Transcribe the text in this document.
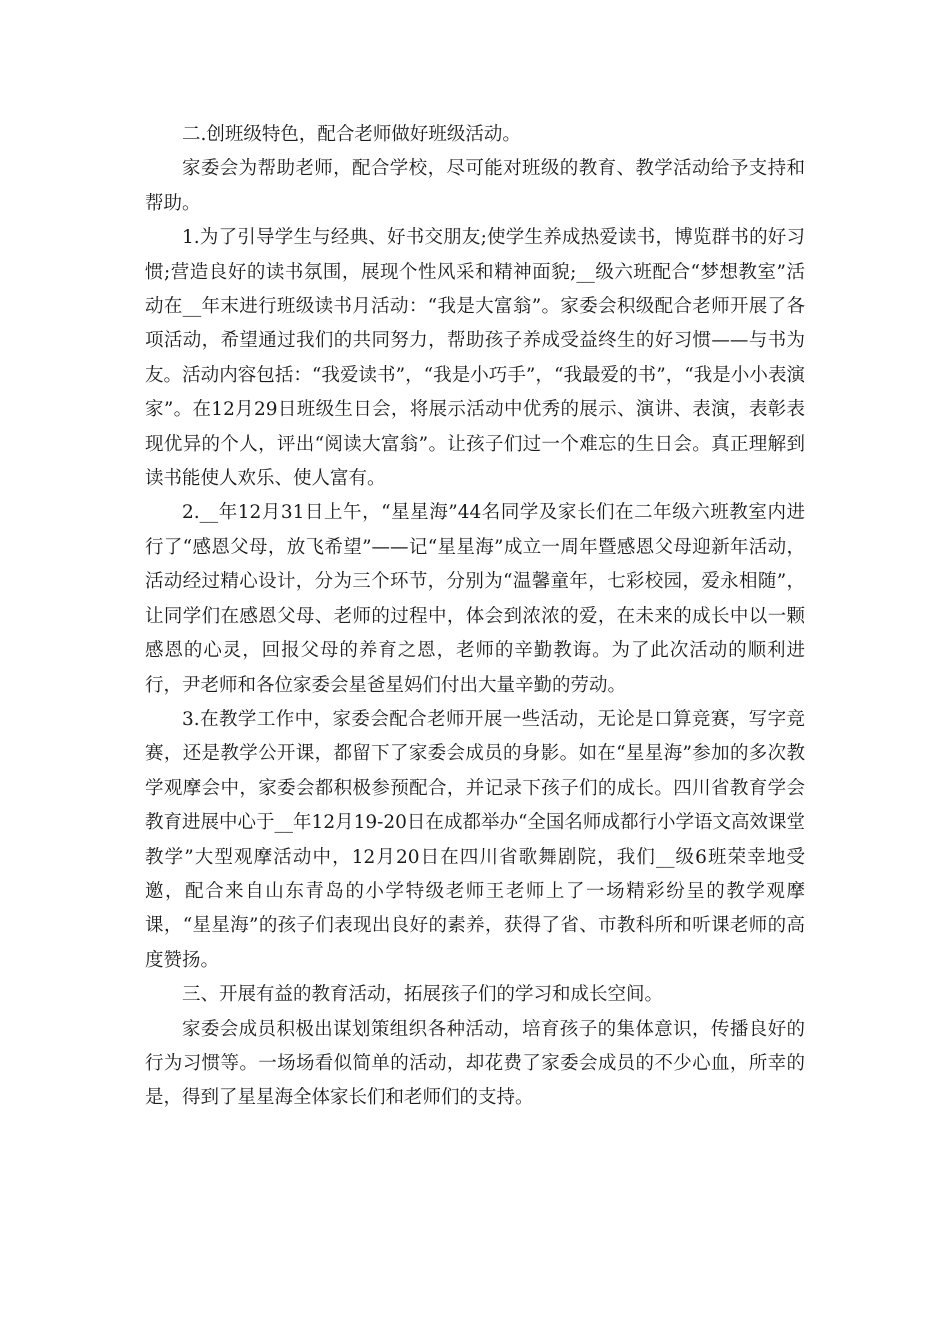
二.创班级特色，配合老师做好班级活动。

家委会为帮助老师，配合学校，尽可能对班级的教育、教学活动给予支持和帮助。

1.为了引导学生与经典、好书交朋友;使学生养成热爱读书，博览群书的好习惯;营造良好的读书氛围，展现个性风采和精神面貌;__级六班配合“梦想教室”活动在__年末进行班级读书月活动：“我是大富翁”。家委会积级配合老师开展了各项活动，希望通过我们的共同努力，帮助孩子养成受益终生的好习惯——与书为友。活动内容包括：“我爱读书”，“我是小巧手”，“我最爱的书”，“我是小小表演家”。在12月29日班级生日会，将展示活动中优秀的展示、演讲、表演，表彰表现优异的个人，评出“阅读大富翁”。让孩子们过一个难忘的生日会。真正理解到读书能使人欢乐、使人富有。

2.__年12月31日上午，“星星海”44名同学及家长们在二年级六班教室内进行了“感恩父母，放飞希望”——记“星星海”成立一周年暨感恩父母迎新年活动，活动经过精心设计，分为三个环节，分别为“温馨童年，七彩校园，爱永相随”，让同学们在感恩父母、老师的过程中，体会到浓浓的爱，在未来的成长中以一颗感恩的心灵，回报父母的养育之恩，老师的辛勤教诲。为了此次活动的顺利进行，尹老师和各位家委会星爸星妈们付出大量辛勤的劳动。

3.在教学工作中，家委会配合老师开展一些活动，无论是口算竞赛，写字竞赛，还是教学公开课，都留下了家委会成员的身影。如在“星星海”参加的多次教学观摩会中，家委会都积极参预配合，并记录下孩子们的成长。四川省教育学会教育进展中心于__年12月19-20日在成都举办“全国名师成都行小学语文高效课堂教学”大型观摩活动中，12月20日在四川省歌舞剧院，我们__级6班荣幸地受邀，配合来自山东青岛的小学特级老师王老师上了一场精彩纷呈的教学观摩课，“星星海”的孩子们表现出良好的素养，获得了省、市教科所和听课老师的高度赞扬。

三、开展有益的教育活动，拓展孩子们的学习和成长空间。

家委会成员积极出谋划策组织各种活动，培育孩子的集体意识，传播良好的行为习惯等。一场场看似简单的活动，却花费了家委会成员的不少心血，所幸的是，得到了星星海全体家长们和老师们的支持。
